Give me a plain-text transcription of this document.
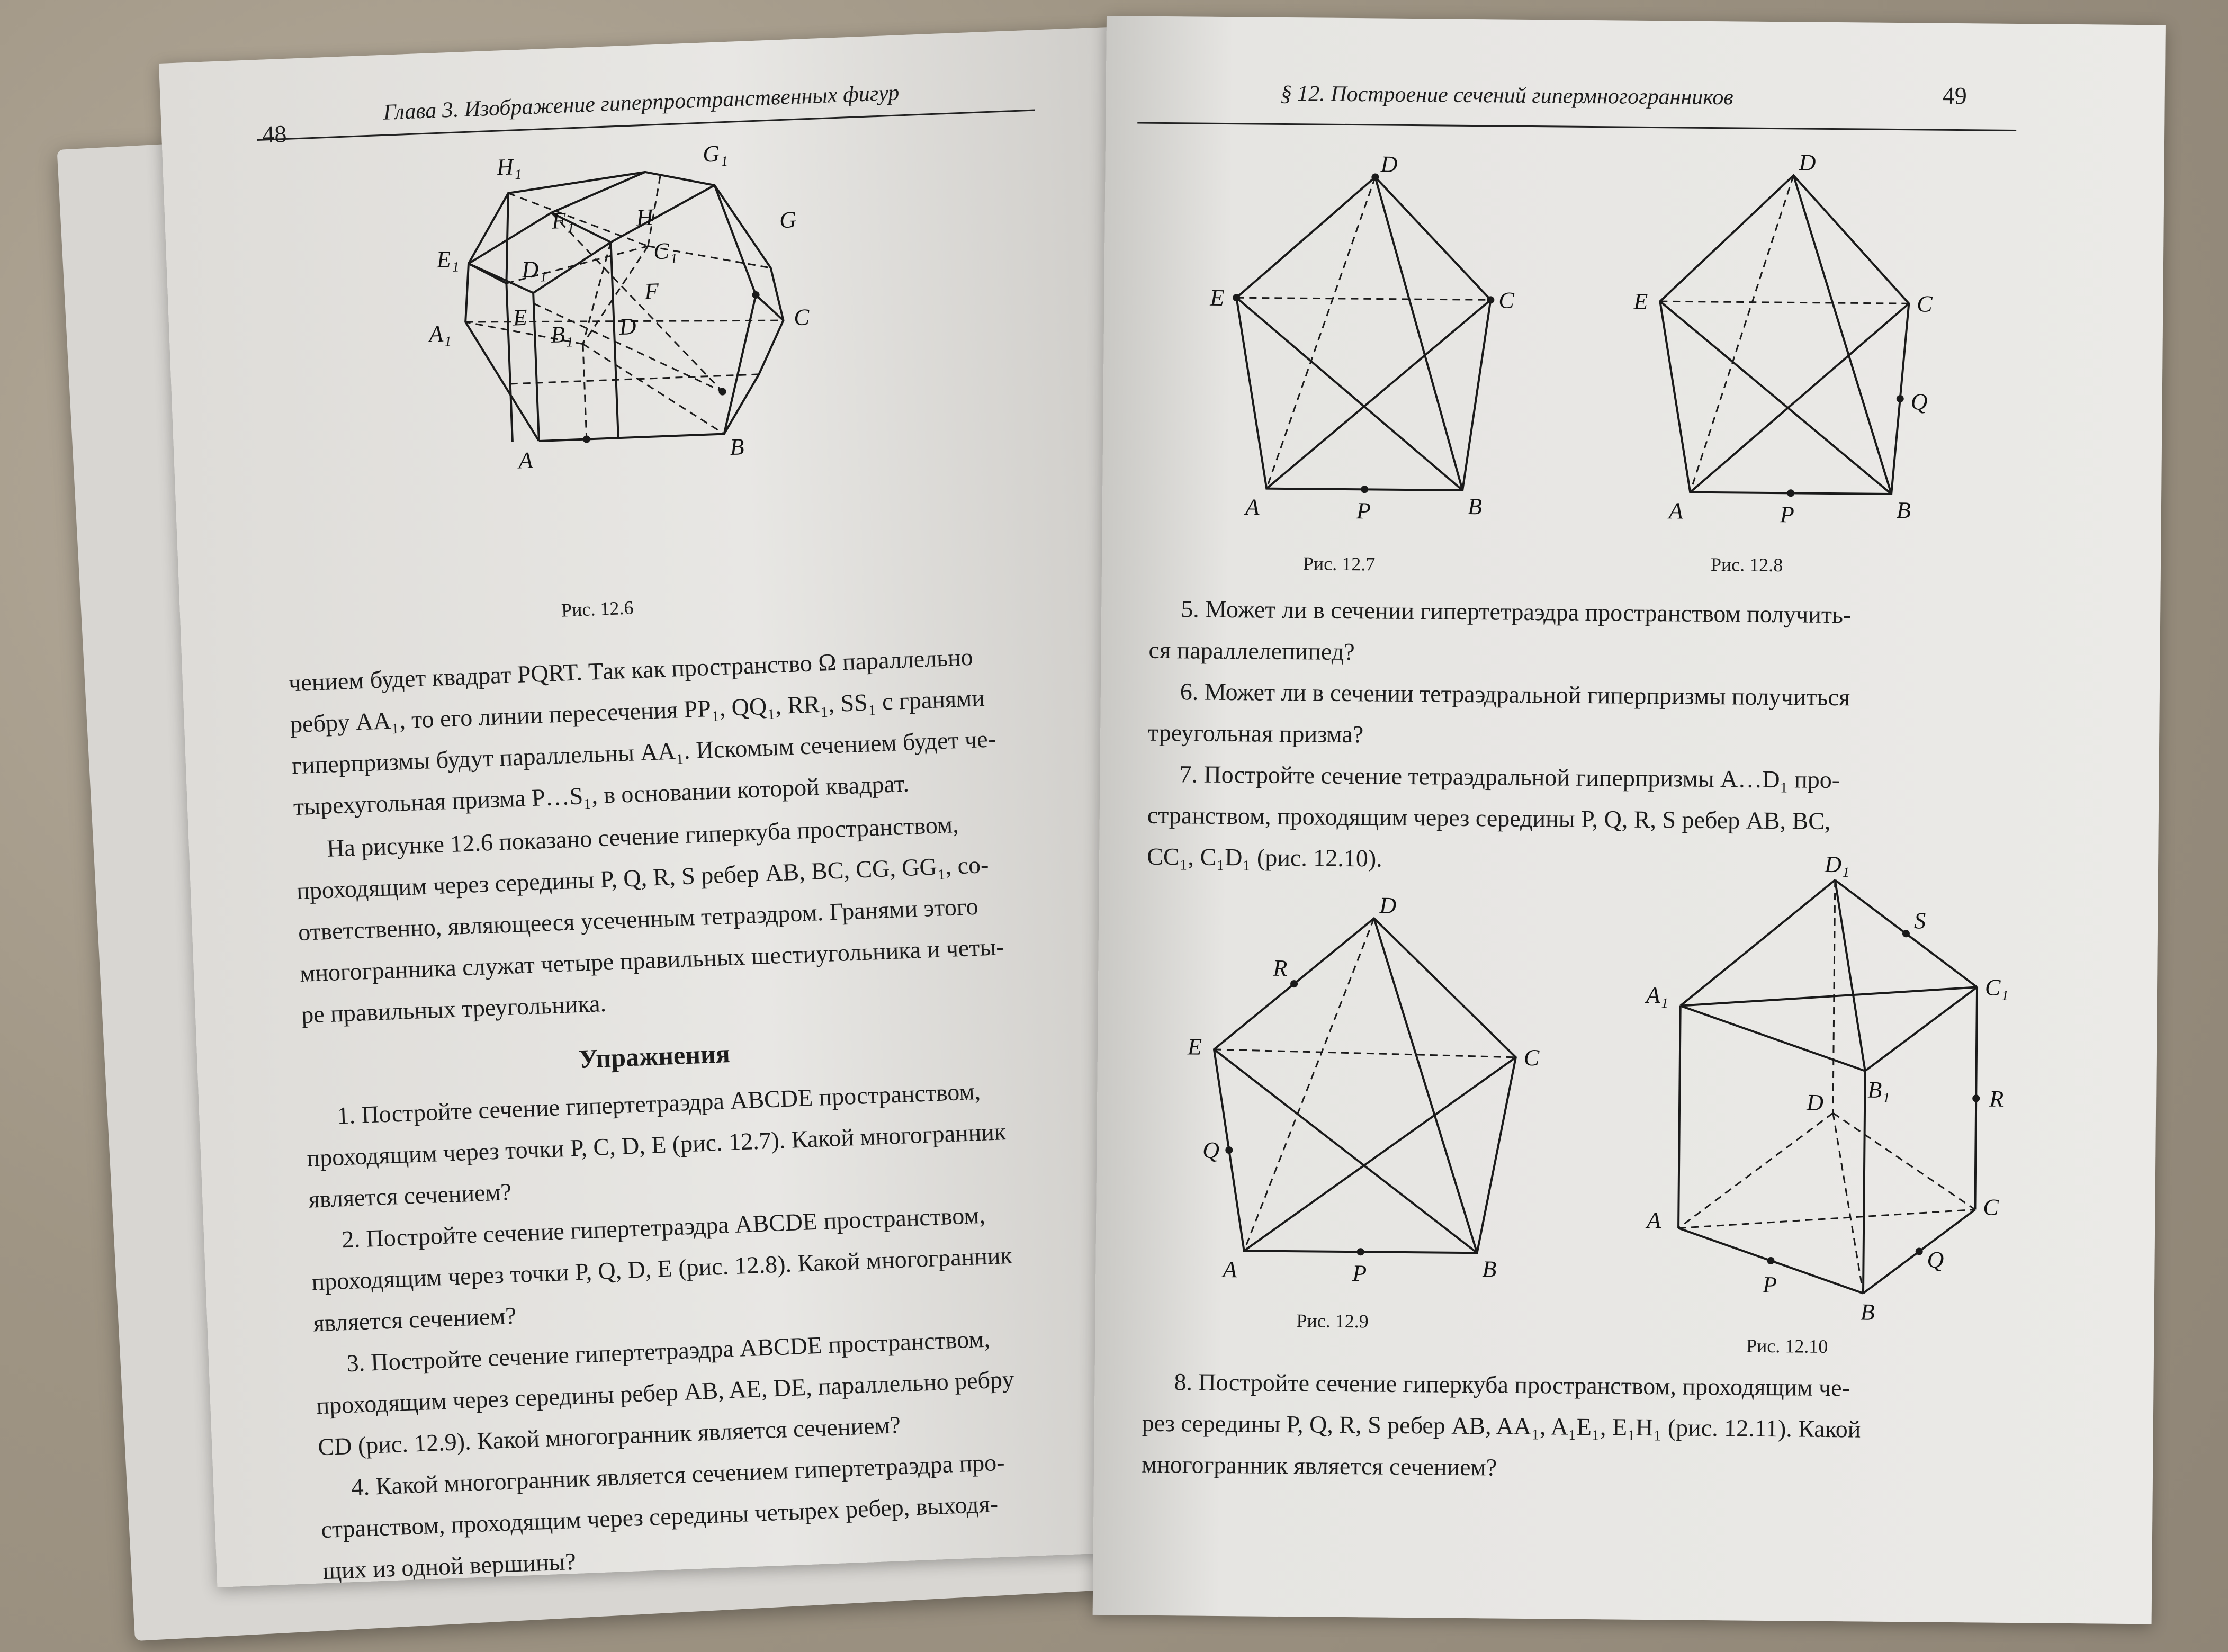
48
Глава 3. Изображение гиперпространственных фигур
H₁	G₁
F₁	H	G
E₁	D₁
C₁
E
B₁ D
F
A₁
C
A
B
Рис. 12.6
чением будет квадрат PQRT. Так как пространство Ω параллельно
ребру AA₁, то его линии пересечения PP₁, QQ₁, RR₁, SS₁ с гранями
гиперпризмы будут параллельны AA₁. Искомым сечением будет че-
тырехугольная призма P…S₁, в основании которой квадрат.
На рисунке 12.6 показано сечение гиперкуба пространством,
проходящим через середины P, Q, R, S ребер AB, BC, CG, GG₁, со-
ответственно, являющееся усеченным тетраэдром. Гранями этого
многогранника служат четыре правильных шестиугольника и четы-
ре правильных треугольника.
Упражнения
1. Постройте сечение гипертетраэдра ABCDE пространством,
проходящим через точки P, C, D, E (рис. 12.7). Какой многогранник
является сечением?
2. Постройте сечение гипертетраэдра ABCDE пространством,
проходящим через точки P, Q, D, E (рис. 12.8). Какой многогранник
является сечением?
3. Постройте сечение гипертетраэдра ABCDE пространством,
проходящим через середины ребер AB, AE, DE, параллельно ребру
CD (рис. 12.9). Какой многогранник является сечением?
4. Какой многогранник является сечением гипертетраэдра про-
странством, проходящим через середины четырех ребер, выходя-
щих из одной вершины?
§ 12. Построение сечений гипермногогранников	49
D
E	C
A	P	B
Рис. 12.7
D
E	C
Q
A	P	B
Рис. 12.8
5. Может ли в сечении гипертетраэдра пространством получить-
ся параллелепипед?
6. Может ли в сечении тетраэдральной гиперпризмы получиться
треугольная призма?
7. Постройте сечение тетраэдральной гиперпризмы A…D₁ про-
странством, проходящим через середины P, Q, R, S ребер AB, BC,
CC₁, C₁D₁ (рис. 12.10).
D
R
E	C
Q
A	P	B
Рис. 12.9
D₁
S
A₁	C₁
B₁	R
D
A	C
Q
P
B
Рис. 12.10
8. Постройте сечение гиперкуба пространством, проходящим че-
рез середины P, Q, R, S ребер AB, AA₁, A₁E₁, E₁H₁ (рис. 12.11). Какой
многогранник является сечением?
